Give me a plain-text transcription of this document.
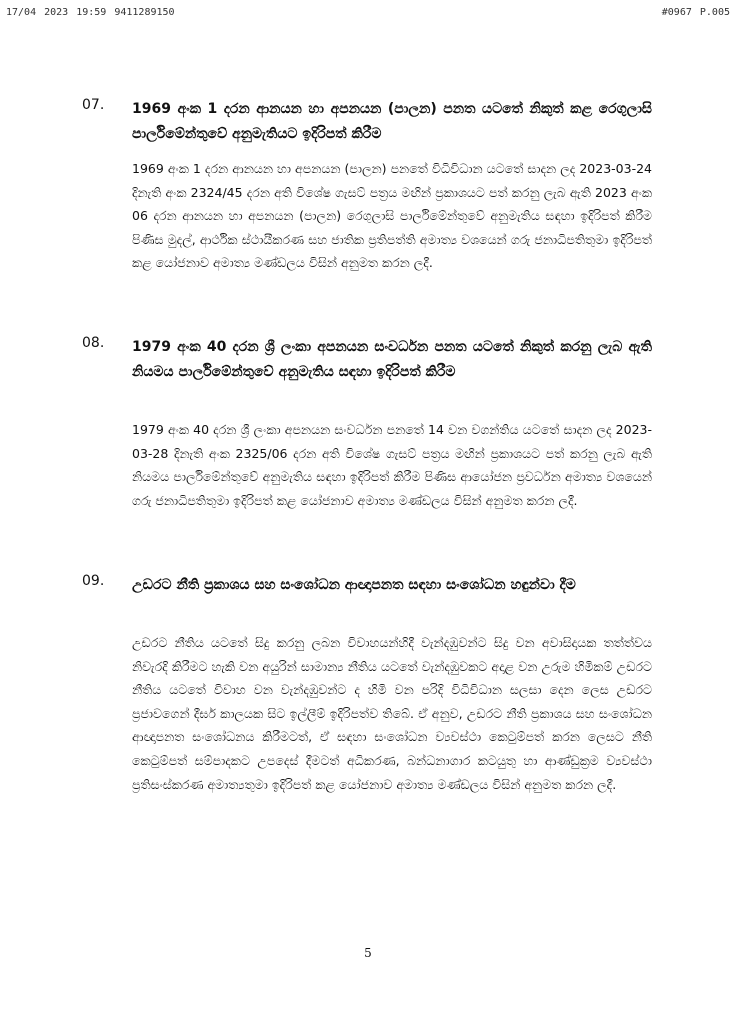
17/04 2023 19:59 9411289150	#0967 P.005
07. 1969 අංක 1 දරන ආනයන හා අපනයන (පාලන) පනත යටතේ නිකුත් කළ රෙගුලාසි පාර්ලිමේන්තුවේ අනුමැතියට ඉදිරිපත් කිරීම
1969 අංක 1 දරන ආනයන හා අපනයන (පාලන) පනතේ විධිවිධාන යටතේ සාදන ලද 2023-03-24 දිනැති අංක 2324/45 දරන අති විශේෂ ගැසට් පත්‍රය මඟින් ප්‍රකාශයට පත් කරනු ලැබ ඇති 2023 අංක 06 දරන ආනයන හා අපනයන (පාලන) රෙගුලාසි පාර්ලිමේන්තුවේ අනුමැතිය සඳහා ඉදිරිපත් කිරීම පිණිස මුදල්, ආර්ථික ස්ථායීකරණ සහ ජාතික ප්‍රතිපත්ති අමාත්‍ය වශයෙන් ගරු ජනාධිපතිතුමා ඉදිරිපත් කළ යෝජනාව අමාත්‍ය මණ්ඩලය විසින් අනුමත කරන ලදී.
08. 1979 අංක 40 දරන ශ්‍රී ලංකා අපනයන සංවර්ධන පනත යටතේ නිකුත් කරනු ලැබ ඇති නියමය පාර්ලිමේන්තුවේ අනුමැතිය සඳහා ඉදිරිපත් කිරීම
1979 අංක 40 දරන ශ්‍රී ලංකා අපනයන සංවර්ධන පනතේ 14 වන වගන්තිය යටතේ සාදන ලද 2023-03-28 දිනැති අංක 2325/06 දරන අති විශේෂ ගැසට් පත්‍රය මඟින් ප්‍රකාශයට පත් කරනු ලැබ ඇති නියමය පාර්ලිමේන්තුවේ අනුමැතිය සඳහා ඉදිරිපත් කිරීම පිණිස ආයෝජන ප්‍රවර්ධන අමාත්‍ය වශයෙන් ගරු ජනාධිපතිතුමා ඉදිරිපත් කළ යෝජනාව අමාත්‍ය මණ්ඩලය විසින් අනුමත කරන ලදී.
09. උඩරට නීති ප්‍රකාශය සහ සංශෝධන ආඥාපනත සඳහා සංශෝධන හඳුන්වා දීම
උඩරට නීතිය යටතේ සිදු කරනු ලබන විවාහයන්හිදී වැන්දඹුවන්ට සිදු වන අවාසිදායක තත්ත්වය නිවැරදි කිරීමට හැකි වන අයුරින් සාමාන්‍ය නීතිය යටතේ වැන්දඹුවකට අදාළ වන උරුම හිමිකම් උඩරට නීතිය යටතේ විවාහ වන වැන්දඹුවන්ට ද හිමි වන පරිදි විධිවිධාන සලසා දෙන ලෙස උඩරට ප්‍රජාවගෙන් දීර්ඝ කාලයක සිට ඉල්ලීම් ඉදිරිපත්ව තිබේ. ඒ අනුව, උඩරට නීති ප්‍රකාශය සහ සංශෝධන ආඥාපනත සංශෝධනය කිරීමටත්, ඒ සඳහා සංශෝධන ව්‍යවස්ථා කෙටුම්පත් කරන ලෙසට නීති කෙටුම්පත් සම්පාදකට උපදෙස් දීමටත් අධිකරණ, බන්ධනාගාර කටයුතු හා ආණ්ඩුක්‍රම ව්‍යවස්ථා ප්‍රතිසංස්කරණ අමාත්‍යතුමා ඉදිරිපත් කළ යෝජනාව අමාත්‍ය මණ්ඩලය විසින් අනුමත කරන ලදී.
5
